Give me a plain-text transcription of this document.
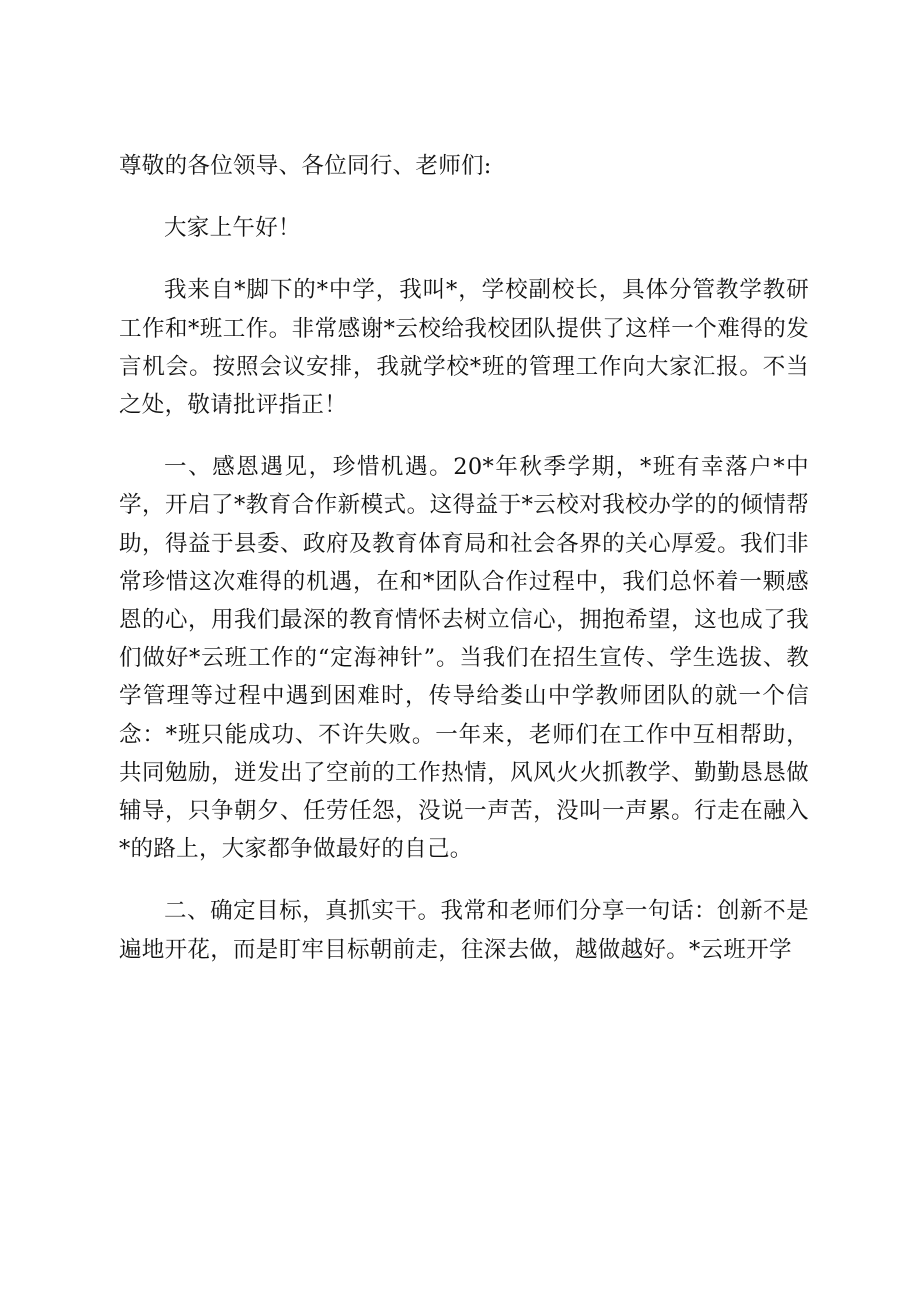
尊敬的各位领导、各位同行、老师们:

大家上午好！

我来自*脚下的*中学，我叫*，学校副校长，具体分管教学教研工作和*班工作。非常感谢*云校给我校团队提供了这样一个难得的发言机会。按照会议安排，我就学校*班的管理工作向大家汇报。不当之处，敬请批评指正！

一、感恩遇见，珍惜机遇。20*年秋季学期，*班有幸落户*中学，开启了*教育合作新模式。这得益于*云校对我校办学的的倾情帮助，得益于县委、政府及教育体育局和社会各界的关心厚爱。我们非常珍惜这次难得的机遇，在和*团队合作过程中，我们总怀着一颗感恩的心，用我们最深的教育情怀去树立信心，拥抱希望，这也成了我们做好*云班工作的“定海神针”。当我们在招生宣传、学生选拔、教学管理等过程中遇到困难时，传导给娄山中学教师团队的就一个信念：*班只能成功、不许失败。一年来，老师们在工作中互相帮助，共同勉励，迸发出了空前的工作热情，风风火火抓教学、勤勤恳恳做辅导，只争朝夕、任劳任怨，没说一声苦，没叫一声累。行走在融入*的路上，大家都争做最好的自己。

二、确定目标，真抓实干。我常和老师们分享一句话：创新不是遍地开花，而是盯牢目标朝前走，往深去做，越做越好。*云班开学
